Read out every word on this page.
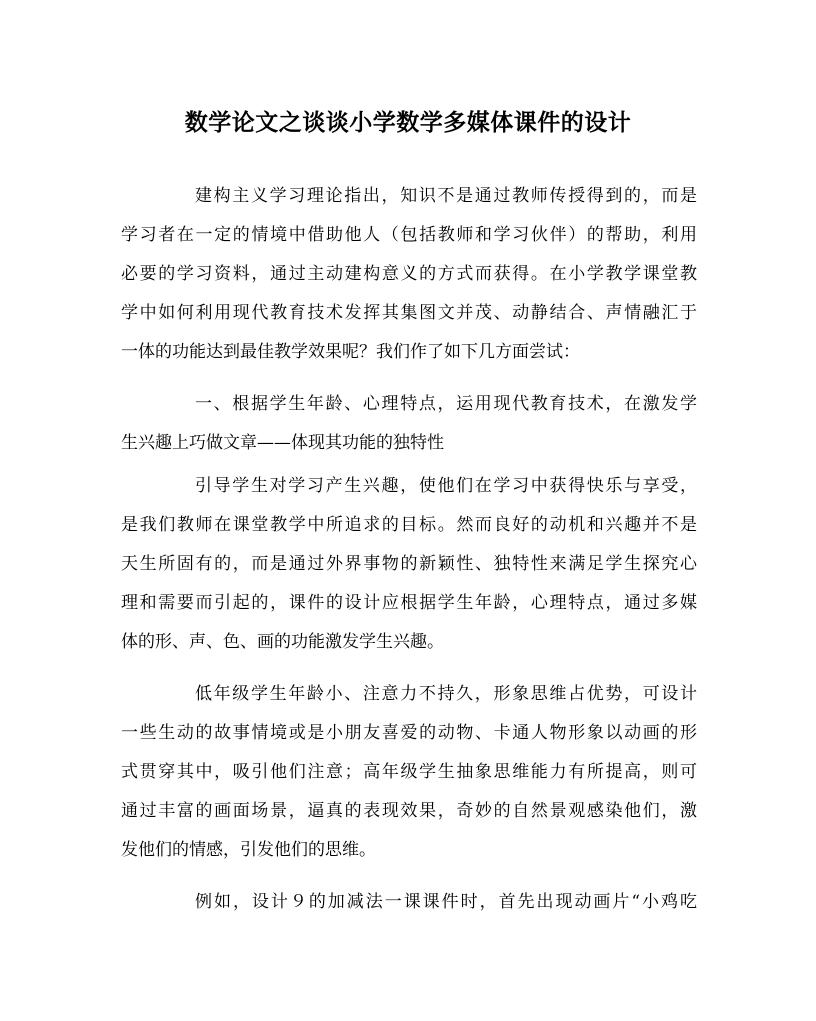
数学论文之谈谈小学数学多媒体课件的设计
建构主义学习理论指出，知识不是通过教师传授得到的，而是
学习者在一定的情境中借助他人（包括教师和学习伙伴）的帮助，利用
必要的学习资料，通过主动建构意义的方式而获得。在小学教学课堂教
学中如何利用现代教育技术发挥其集图文并茂、动静结合、声情融汇于
一体的功能达到最佳教学效果呢？我们作了如下几方面尝试：
一、根据学生年龄、心理特点，运用现代教育技术，在激发学
生兴趣上巧做文章——体现其功能的独特性
引导学生对学习产生兴趣，使他们在学习中获得快乐与享受，
是我们教师在课堂教学中所追求的目标。然而良好的动机和兴趣并不是
天生所固有的，而是通过外界事物的新颖性、独特性来满足学生探究心
理和需要而引起的，课件的设计应根据学生年龄，心理特点，通过多媒
体的形、声、色、画的功能激发学生兴趣。
低年级学生年龄小、注意力不持久，形象思维占优势，可设计
一些生动的故事情境或是小朋友喜爱的动物、卡通人物形象以动画的形
式贯穿其中，吸引他们注意；高年级学生抽象思维能力有所提高，则可
通过丰富的画面场景，逼真的表现效果，奇妙的自然景观感染他们，激
发他们的情感，引发他们的思维。
例如，设计９的加减法一课课件时，首先出现动画片“小鸡吃
